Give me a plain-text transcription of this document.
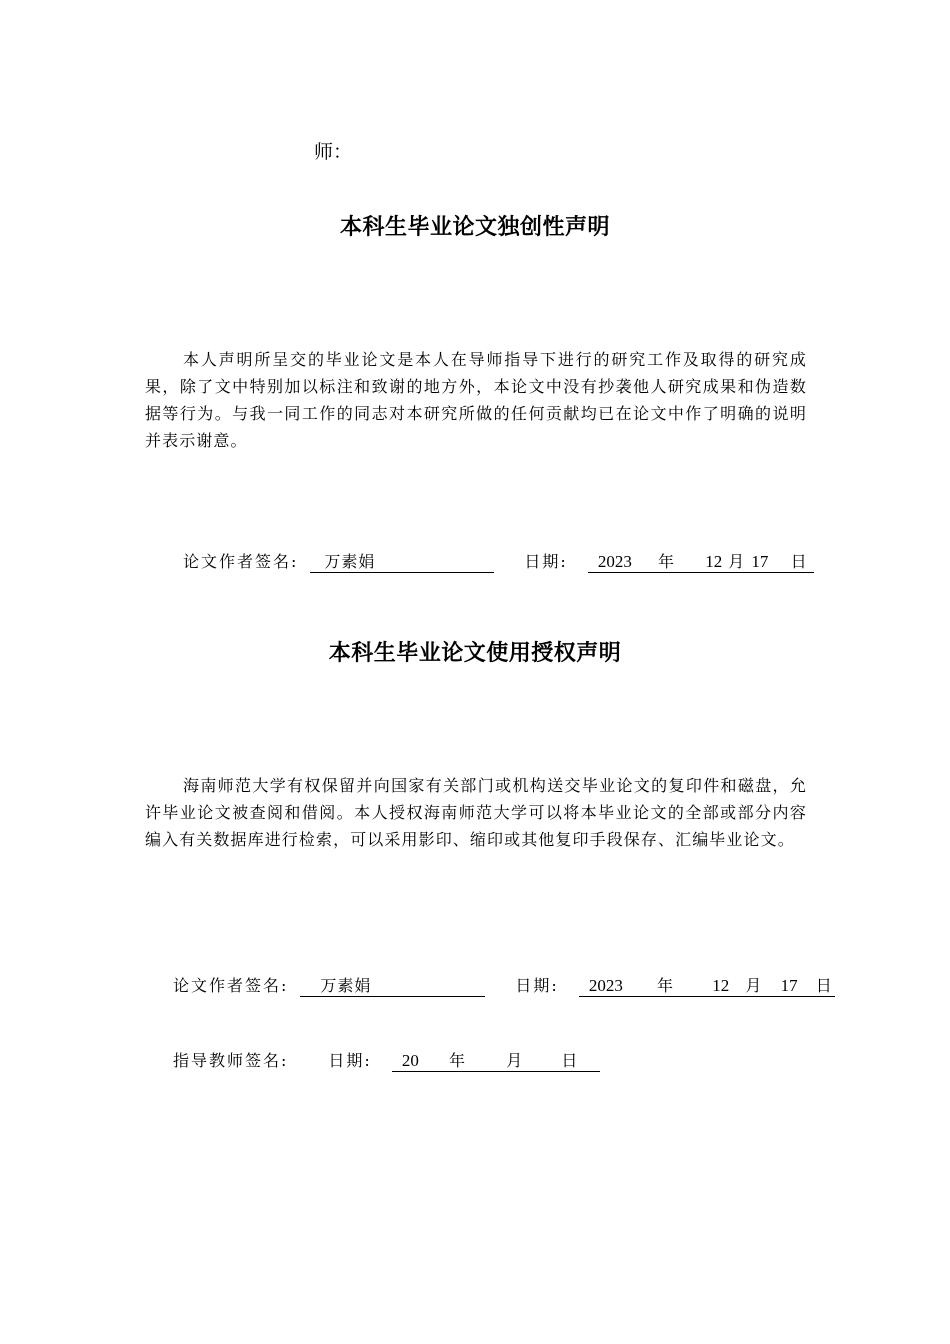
师：
本科生毕业论文独创性声明

本人声明所呈交的毕业论文是本人在导师指导下进行的研究工作及取得的研究成果，除了文中特别加以标注和致谢的地方外，本论文中没有抄袭他人研究成果和伪造数据等行为。与我一同工作的同志对本研究所做的任何贡献均已在论文中作了明确的说明并表示谢意。

论文作者签名:	万素娟	日期:	2023 年 12 月 17 日
本科生毕业论文使用授权声明

海南师范大学有权保留并向国家有关部门或机构送交毕业论文的复印件和磁盘，允许毕业论文被查阅和借阅。本人授权海南师范大学可以将本毕业论文的全部或部分内容编入有关数据库进行检索，可以采用影印、缩印或其他复印手段保存、汇编毕业论文。

论文作者签名:	万素娟	日期:	2023 年 12 月 17 日
指导教师签名:	日期:	20 年	月 日
